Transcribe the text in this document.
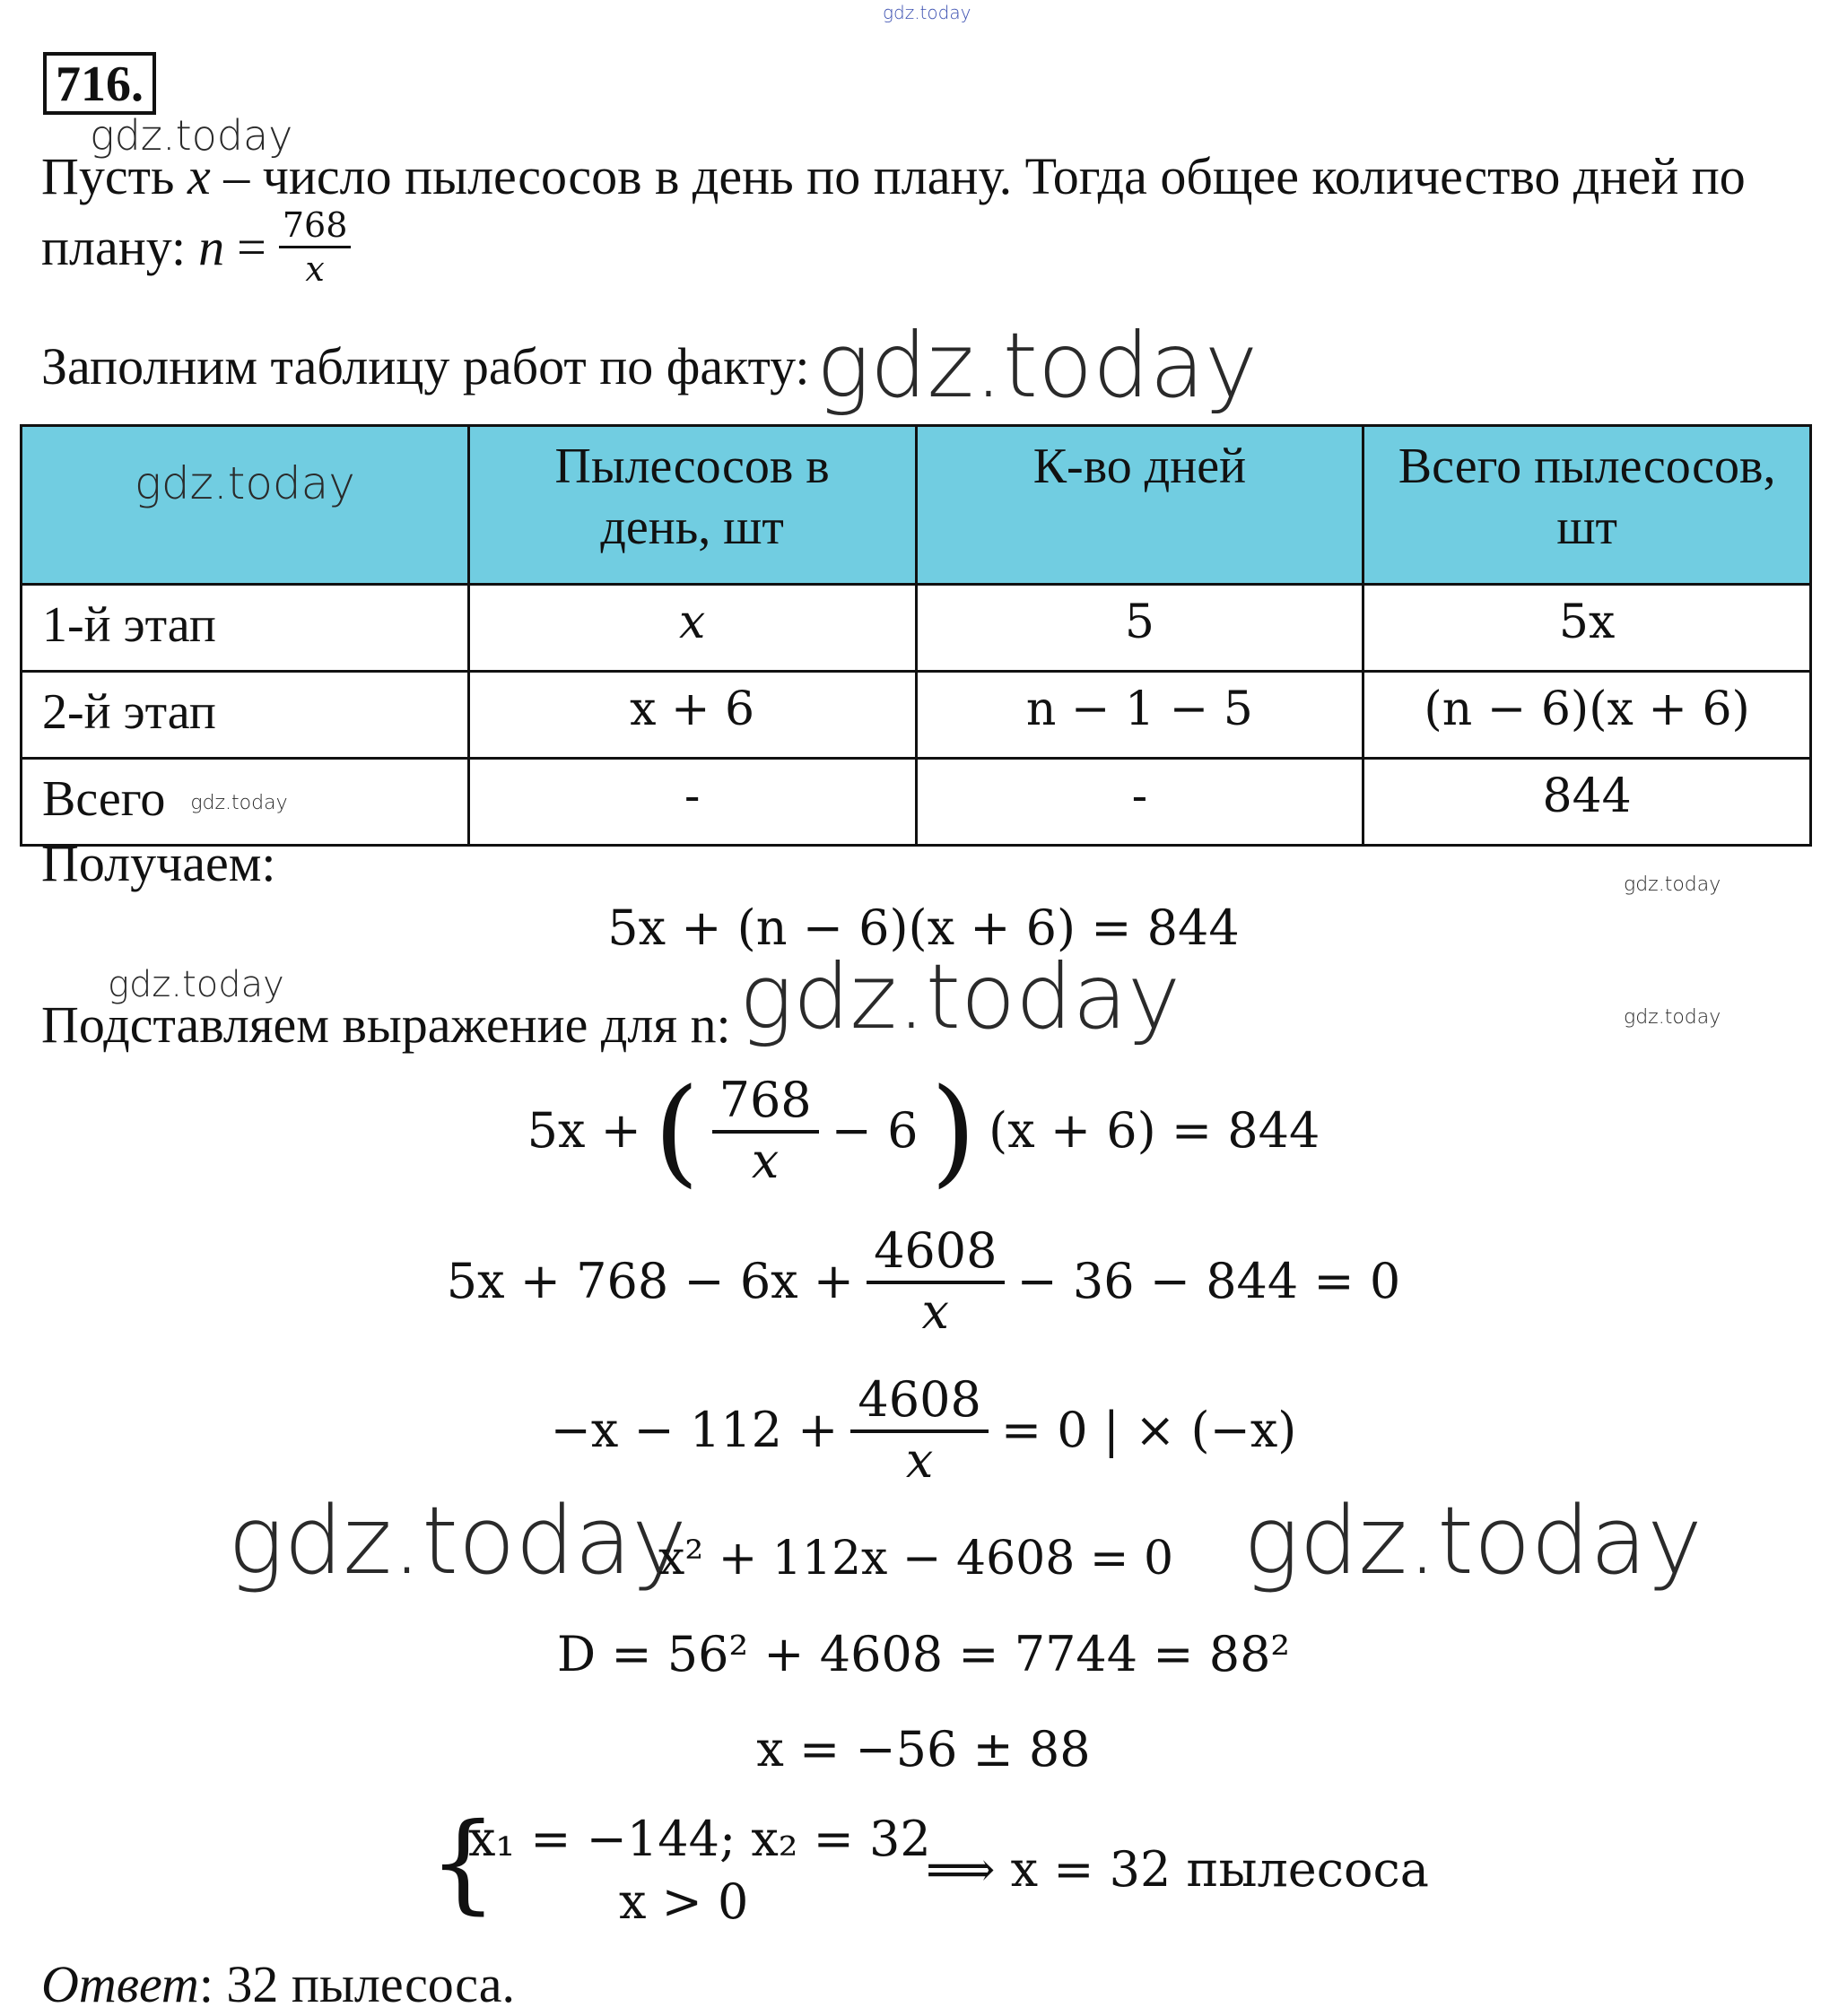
gdz.today
716.
gdz.today
Пусть x – число пылесосов в день по плану. Тогда общее количество дней по
плану: $n = \frac{768}{x}$
Заполним таблицу работ по факту: gdz.today
gdz.today	Пылесосов в день, шт	К-во дней	Всего пылесосов, шт
1-й этап	x	5	5x
2-й этап	x + 6	n − 1 − 5	(n − 6)(x + 6)
Всего gdz.today	-	-	844
Получаем:	gdz.today
5x + (n − 6)(x + 6) = 844
gdz.today
Подставляем выражение для n: gdz.today	gdz.today
5x + ( $\frac{768}{x} - 6$ ) (x + 6) = 844
$5x + 768 - 6x + \frac{4608}{x} - 36 - 844 = 0$
$-x - 112 + \frac{4608}{x} = 0$ | × (−x)
gdz.today
x² + 112x − 4608 = 0 gdz.today
D = 56² + 4608 = 7744 = 88²
x = −56 ± 88
{
x₁ = −144; x₂ = 32
x > 0
⟹ x = 32 пылесоса
Ответ: 32 пылесоса.
